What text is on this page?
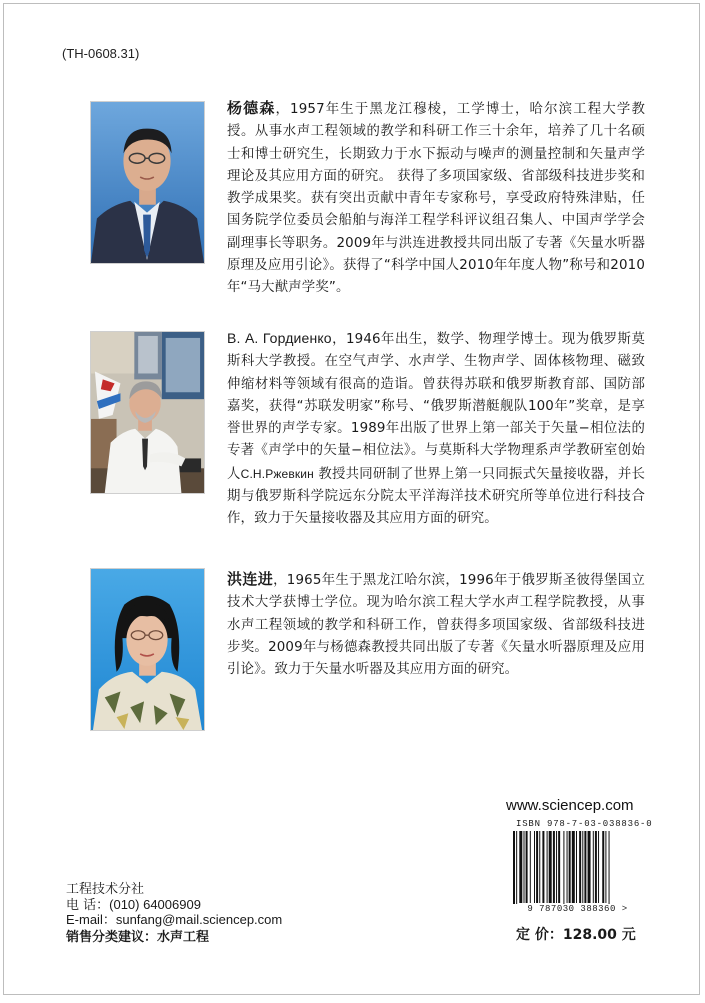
(TH-0608.31)
杨德森，1957年生于黑龙江穆棱，工学博士，哈尔滨工程大学教授。从事水声工程领域的教学和科研工作三十余年，培养了几十名硕士和博士研究生，长期致力于水下振动与噪声的测量控制和矢量声学理论及其应用方面的研究。 获得了多项国家级、省部级科技进步奖和教学成果奖。获有突出贡献中青年专家称号，享受政府特殊津贴，任国务院学位委员会船舶与海洋工程学科评议组召集人、中国声学学会副理事长等职务。2009年与洪连进教授共同出版了专著《矢量水听器原理及应用引论》。获得了“科学中国人2010年年度人物”称号和2010年“马大猷声学奖”。
В. А. Гордиенко，1946年出生，数学、物理学博士。现为俄罗斯莫斯科大学教授。在空气声学、水声学、生物声学、固体核物理、磁致伸缩材料等领域有很高的造诣。曾获得苏联和俄罗斯教育部、国防部嘉奖，获得“苏联发明家”称号、“俄罗斯潜艇舰队100年”奖章，是享誉世界的声学专家。1989年出版了世界上第一部关于矢量−相位法的专著《声学中的矢量−相位法》。与莫斯科大学物理系声学教研室创始人С.Н.Ржевкин 教授共同研制了世界上第一只同振式矢量接收器，并长期与俄罗斯科学院远东分院太平洋海洋技术研究所等单位进行科技合作，致力于矢量接收器及其应用方面的研究。
洪连进，1965年生于黑龙江哈尔滨，1996年于俄罗斯圣彼得堡国立技术大学获博士学位。现为哈尔滨工程大学水声工程学院教授，从事水声工程领域的教学和科研工作，曾获得多项国家级、省部级科技进步奖。2009年与杨德森教授共同出版了专著《矢量水听器原理及应用引论》。致力于矢量水听器及其应用方面的研究。
www.sciencep.com
ISBN 978-7-03-038836-0
9 787030 388360 >
定 价：128.00 元
工程技术分社
电 话：(010) 64006909
E-mail：sunfang@mail.sciencep.com
销售分类建议：水声工程
